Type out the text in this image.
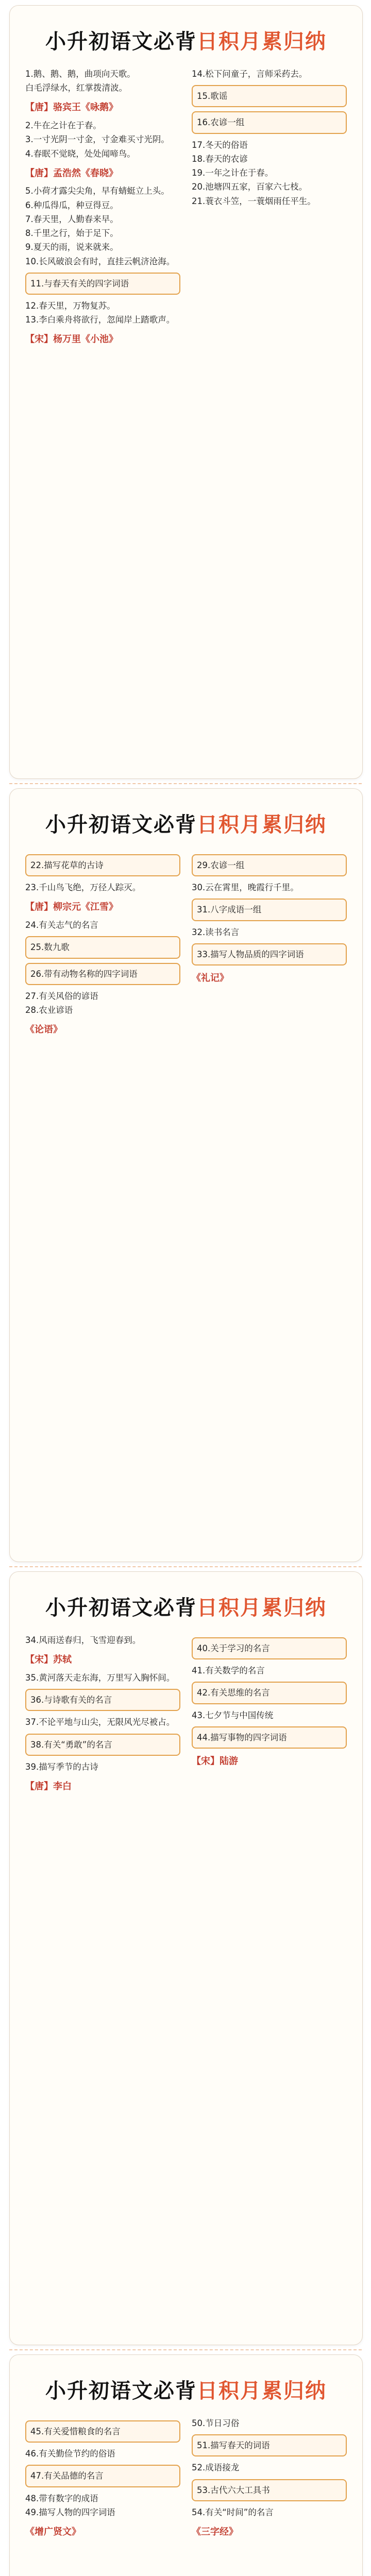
小升初语文必背日积月累归纳
1.鹅、鹅、鹅，曲项向天歌。
白毛浮绿水，红掌拨清波。
【唐】骆宾王《咏鹅》
2.牛在之计在于春。
3.一寸光阴一寸金，寸金难买寸光阴。
4.春眠不觉晓，处处闻啼鸟。
【唐】孟浩然《春晓》
5.小荷才露尖尖角，早有蜻蜓立上头。
6.种瓜得瓜，种豆得豆。
7.春天里，人勤春来早。
8.千里之行，始于足下。
9.夏天的雨，说来就来。
10.长风破浪会有时，直挂云帆济沧海。
11.与春天有关的四字词语
12.春天里，万物复苏。
13.李白乘舟将欲行，忽闻岸上踏歌声。
【宋】杨万里《小池》
14.松下问童子，言师采药去。
15.歌谣
16.农谚一组
17.冬天的俗语
18.春天的农谚
19.一年之计在于春。
20.池塘四五家，百家六七枝。
21.蓑衣斗笠，一蓑烟雨任平生。
小升初语文必背日积月累归纳
22.描写花草的古诗
23.千山鸟飞绝，万径人踪灭。
【唐】柳宗元《江雪》
24.有关志气的名言
25.数九歌
26.带有动物名称的四字词语
27.有关风俗的谚语
28.农业谚语
《论语》
29.农谚一组
30.云在霄里，晚霞行千里。
31.八字成语一组
32.读书名言
33.描写人物品质的四字词语
《礼记》
小升初语文必背日积月累归纳
34.风雨送春归，飞雪迎春到。
【宋】苏轼
35.黄河落天走东海，万里写入胸怀间。
36.与诗歌有关的名言
37.不论平地与山尖，无限风光尽被占。
38.有关“勇敢”的名言
39.描写季节的古诗
【唐】李白
40.关于学习的名言
41.有关数学的名言
42.有关思维的名言
43.七夕节与中国传统
44.描写事物的四字词语
【宋】陆游
小升初语文必背日积月累归纳
45.有关爱惜粮食的名言
46.有关勤俭节约的俗语
47.有关品德的名言
48.带有数字的成语
49.描写人物的四字词语
《增广贤文》
50.节日习俗
51.描写春天的词语
52.成语接龙
53.古代六大工具书
54.有关“时间”的名言
《三字经》
